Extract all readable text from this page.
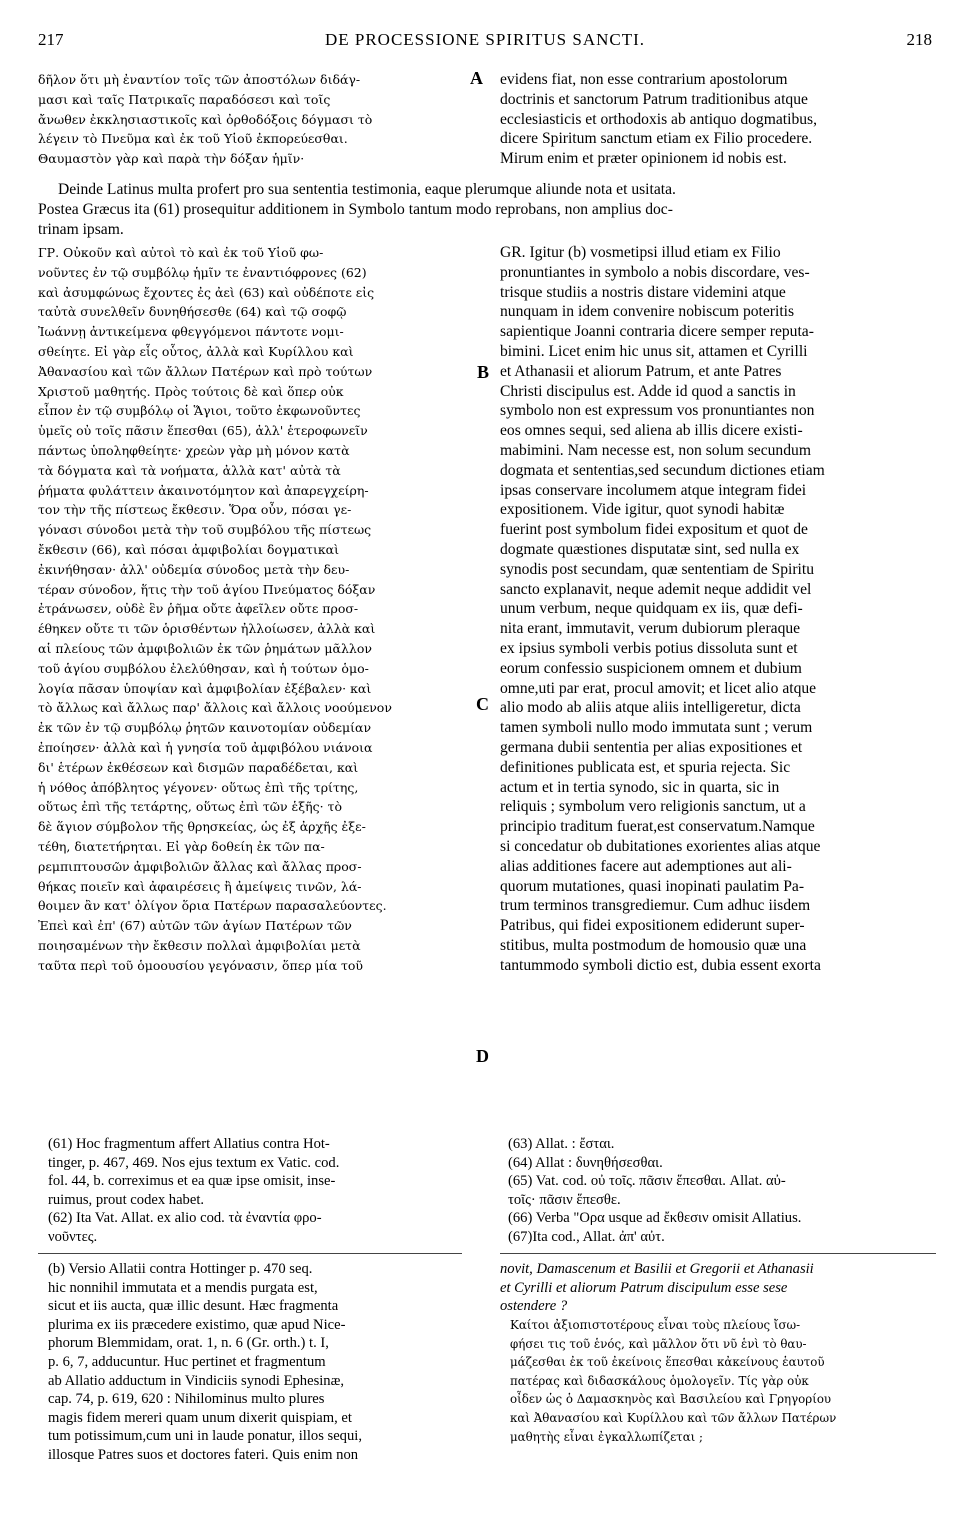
217	DE PROCESSIONE SPIRITUS SANCTI.	218
δῆλον ὅτι μὴ ἐναντίον τοῖς τῶν ἀποστόλων διδάγ-
μασι καὶ ταῖς Πατρικαῖς παραδόσεσι καὶ τοῖς
ἄνωθεν ἐκκλησιαστικοῖς καὶ ὀρθοδόξοις δόγμασι τὸ
λέγειν τὸ Πνεῦμα καὶ ἐκ τοῦ Υἱοῦ ἐκπορεύεσθαι.
Θαυμαστὸν γὰρ καὶ παρὰ τὴν δόξαν ἡμῖν·
A evidens fiat, non esse contrarium apostolorum
doctrinis et sanctorum Patrum traditionibus atque
ecclesiasticis et orthodoxis ab antiquo dogmatibus,
dicere Spiritum sanctum etiam ex Filio procedere.
Mirum enim et præter opinionem id nobis est.
Deinde Latinus multa profert pro sua sententia testimonia, eaque plerumque aliunde nota et usitata.
Postea Græcus ita (61) prosequitur additionem in Symbolo tantum modo reprobans, non amplius doc-
trinam ipsam.
ΓΡ. Οὐκοῦν καὶ αὐτοὶ τὸ καὶ ἐκ τοῦ Υἱοῦ φω-
νοῦντες ἐν τῷ συμβόλῳ ἡμῖν τε ἐναντιόφρονες (62)
καὶ ἀσυμφώνως ἔχοντες ἐς ἀεὶ (63) καὶ οὐδέποτε εἰς
ταὐτὰ συνελθεῖν δυνηθήσεσθε (64) καὶ τῷ σοφῷ
Ἰωάννῃ ἀντικείμενα φθεγγόμενοι πάντοτε νομι-
σθείητε. Εἰ γὰρ εἷς οὗτος, ἀλλὰ καὶ Κυρίλλου καὶ
Ἀθανασίου καὶ τῶν ἄλλων Πατέρων καὶ πρὸ τούτων
Χριστοῦ μαθητής. Πρὸς τούτοις δὲ καὶ ὅπερ οὐκ
εἶπον ἐν τῷ συμβόλῳ οἱ Ἅγιοι, τοῦτο ἐκφωνοῦντες
ὑμεῖς οὐ τοῖς πᾶσιν ἕπεσθαι (65), ἀλλ' ἑτεροφωνεῖν
πάντως ὑποληφθείητε· χρεὼν γὰρ μὴ μόνον κατὰ
τὰ δόγματα καὶ τὰ νοήματα, ἀλλὰ κατ' αὐτὰ τὰ
ῥήματα φυλάττειν ἀκαινοτόμητον καὶ ἀπαρεγχείρη-
τον τὴν τῆς πίστεως ἔκθεσιν. Ὅρα οὖν, πόσαι γε-
γόνασι σύνοδοι μετὰ τὴν τοῦ συμβόλου τῆς πίστεως
ἔκθεσιν (66), καὶ πόσαι ἀμφιβολίαι δογματικαὶ
ἐκινήθησαν· ἀλλ' οὐδεμία σύνοδος μετὰ τὴν δευ-
τέραν σύνοδον, ἥτις τὴν τοῦ ἁγίου Πνεύματος δόξαν
ἐτράνωσεν, οὐδὲ ἓν ῥῆμα οὔτε ἀφεῖλεν οὔτε προσ-
έθηκεν οὔτε τι τῶν ὁρισθέντων ἠλλοίωσεν, ἀλλὰ καὶ
αἱ πλείους τῶν ἀμφιβολιῶν ἐκ τῶν ῥημάτων μᾶλλον
τοῦ ἁγίου συμβόλου ἐλελύθησαν, καὶ ἡ τούτων ὁμο-
λογία πᾶσαν ὑποψίαν καὶ ἀμφιβολίαν ἐξέβαλεν· καὶ
τὸ ἄλλως καὶ ἄλλως παρ' ἄλλοις καὶ ἄλλοις νοούμενον
ἐκ τῶν ἐν τῷ συμβόλῳ ῥητῶν καινοτομίαν οὐδεμίαν
ἐποίησεν· ἀλλὰ καὶ ἡ γνησία τοῦ ἀμφιβόλου νιάνοια
δι' ἑτέρων ἐκθέσεων καὶ δισμῶν παραδέδεται, καὶ
ἡ νόθος ἀπόβλητος γέγονεν· οὕτως ἐπὶ τῆς τρίτης,
οὕτως ἐπὶ τῆς τετάρτης, οὕτως ἐπὶ τῶν ἑξῆς· τὸ
δὲ ἅγιον σύμβολον τῆς θρησκείας, ὡς ἐξ ἀρχῆς ἐξε-
τέθη, διατετήρηται. Εἰ γὰρ δοθείη ἐκ τῶν πα-
ρεμπιπτουσῶν ἀμφιβολιῶν ἄλλας καὶ ἄλλας προσ-
θήκας ποιεῖν καὶ ἀφαιρέσεις ἢ ἀμείψεις τινῶν, λά-
θοιμεν ἂν κατ' ὀλίγον ὅρια Πατέρων παρασαλεύοντες.
Ἐπεὶ καὶ ἐπ' (67) αὐτῶν τῶν ἁγίων Πατέρων τῶν
ποιησαμένων τὴν ἔκθεσιν πολλαὶ ἀμφιβολίαι μετὰ
ταῦτα περὶ τοῦ ὁμοουσίου γεγόνασιν, ὅπερ μία τοῦ
GR. Igitur (b) vosmetipsi illud etiam ex Filio
pronuntiantes in symbolo a nobis discordare, ves-
trisque studiis a nostris distare videmini atque
nunquam in idem convenire nobiscum poteritis
sapientique Joanni contraria dicere semper reputa-
bimini. Licet enim hic unus sit, attamen et Cyrilli
et Athanasii et aliorum Patrum, et ante Patres
Christi discipulus est. Adde id quod a sanctis in
symbolo non est expressum vos pronuntiantes non
eos omnes sequi, sed aliena ab illis dicere existi-
mabimini. Nam necesse est, non solum secundum
dogmata et sententias,sed secundum dictiones etiam
ipsas conservare incolumem atque integram fidei
expositionem. Vide igitur, quot synodi habitæ
fuerint post symbolum fidei expositum et quot de
dogmate quæstiones disputatæ sint, sed nulla ex
synodis post secundam, quæ sententiam de Spiritu
sancto explanavit, neque ademit neque addidit vel
unum verbum, neque quidquam ex iis, quæ defi-
nita erant, immutavit, verum dubiorum pleraque
ex ipsius symboli verbis potius dissoluta sunt et
eorum confessio suspicionem omnem et dubium
omne,uti par erat, procul amovit; et licet alio atque
alio modo ab aliis atque aliis intelligeretur, dicta
tamen symboli nullo modo immutata sunt ; verum
germana dubii sententia per alias expositiones et
definitiones publicata est, et spuria rejecta. Sic
actum et in tertia synodo, sic in quarta, sic in
reliquis ; symbolum vero religionis sanctum, ut a
principio traditum fuerat,est conservatum.Namque
si concedatur ob dubitationes exorientes alias atque
alias additiones facere aut ademptiones aut ali-
quorum mutationes, quasi inopinati paulatim Pa-
trum terminos transgrediemur. Cum adhuc iisdem
Patribus, qui fidei expositionem ediderunt super-
stitibus, multa postmodum de homousio quæ una
tantummodo symboli dictio est, dubia essent exorta
B
C
D
(61) Hoc fragmentum affert Allatius contra Hot-
tinger, p. 467, 469. Nos ejus textum ex Vatic. cod.
fol. 44, b. correximus et ea quæ ipse omisit, inse-
ruimus, prout codex habet.
(62) Ita Vat. Allat. ex alio cod. τὰ ἐναντία φρο-
νοῦντες.
(63) Allat. : ἔσται.
(64) Allat : δυνηθήσεσθαι.
(65) Vat. cod. οὐ τοῖς. πᾶσιν ἕπεσθαι. Allat. αὐ-
τοῖς· πᾶσιν ἕπεσθε.
(66) Verba "Ορα usque ad ἔκθεσιν omisit Allatius.
(67)Ita cod., Allat. ἀπ' αὐτ.
(b) Versio Allatii contra Hottinger p. 470 seq.
hic nonnihil immutata et a mendis purgata est,
sicut et iis aucta, quæ illic desunt. Hæc fragmenta
plurima ex iis præcedere existimo, quæ apud Nice-
phorum Blemmidam, orat. 1, n. 6 (Gr. orth.) t. I,
p. 6, 7, adducuntur. Huc pertinet et fragmentum
ab Allatio adductum in Vindiciis synodi Ephesinæ,
cap. 74, p. 619, 620 : Nihilominus multo plures
magis fidem mereri quam unum dixerit quispiam, et
tum potissimum,cum uni in laude ponatur, illos sequi,
illosque Patres suos et doctores fateri. Quis enim non
novit, Damascenum et Basilii et Gregorii et Athanasii
et Cyrilli et aliorum Patrum discipulum esse sese
ostendere ?
Καίτοι ἀξιοπιστοτέρους εἶναι τοὺς πλείους ἴσω-
φήσει τις τοῦ ἑνός, καὶ μᾶλλον ὅτι νῦ ἑνὶ τὸ θαυ-
μάζεσθαι ἐκ τοῦ ἐκείνοις ἕπεσθαι κἀκείνους ἑαυτοῦ
πατέρας καὶ διδασκάλους ὁμολογεῖν. Τίς γὰρ οὐκ
οἶδεν ὡς ὁ Δαμασκηνὸς καὶ Βασιλείου καὶ Γρηγορίου
καὶ Ἀθανασίου καὶ Κυρίλλου καὶ τῶν ἄλλων Πατέρων
μαθητὴς εἶναι ἐγκαλλωπίζεται ;
